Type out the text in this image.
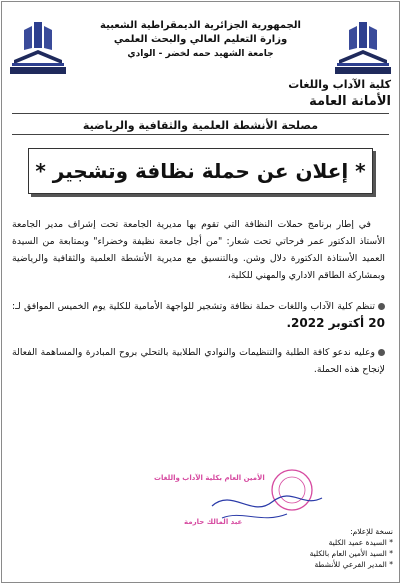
الجمهورية الجزائرية الديمقراطية الشعبية
وزارة التعليم العالي والبحث العلمي
جامعة الشهيد حمه لخضر - الوادي
كلية الآداب واللغات
الأمانة العامة
مصلحة الأنشطة العلمية والثقافية والرياضية
* إعلان عن حملة نظافة وتشجير *
في إطار برنامج حملات النظافة التي تقوم بها مديرية الجامعة تحت إشراف مدير الجامعة الأستاذ الدكتور عمر فرحاتي تحت شعار: "من أجل جامعة نظيفة وخضراء" وبمتابعة من السيدة العميد الأستاذة الدكتورة دلال وشن. وبالتنسيق مع مديرية الأنشطة العلمية والثقافية والرياضية وبمشاركة الطاقم الاداري والمهني للكلية،
تنظم كلية الآداب واللغات حملة نظافة وتشجير للواجهة الأمامية للكلية يوم الخميس الموافق لـ: 20 أكتوبر 2022.
وعليه ندعو كافة الطلبة والتنظيمات والنوادي الطلابية بالتحلي بروح المبادرة والمساهمة الفعالة لإنجاح هذه الحملة.
الأمين العام بكلية الآداب واللغات
عبد المالك حارمة
نسخة للإعلام:
* السيدة عميد الكلية
* السيد الأمين العام بالكلية
* المدير الفرعي للأنشطة
